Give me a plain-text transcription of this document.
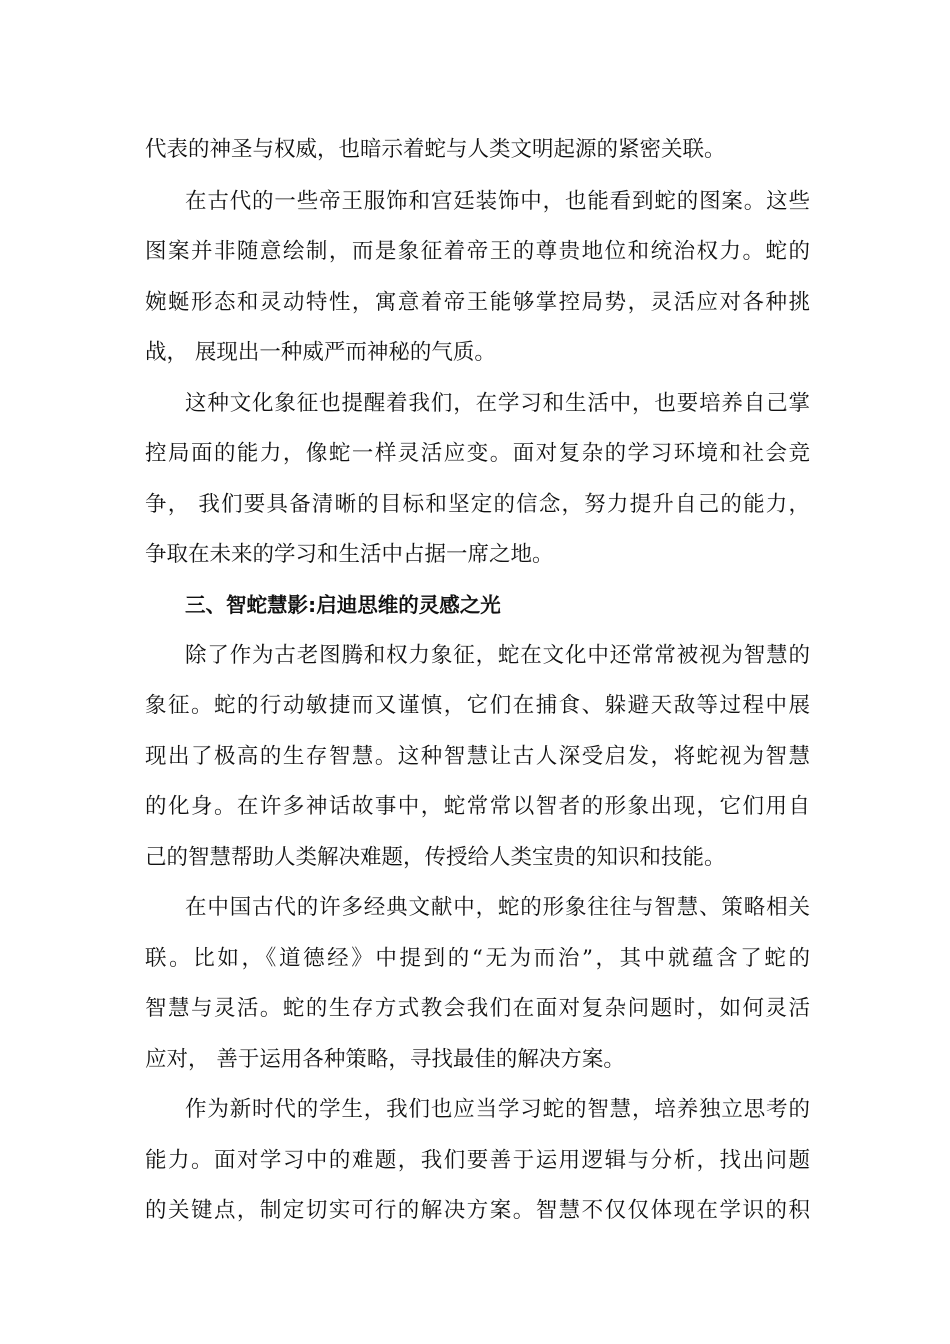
代表的神圣与权威，也暗示着蛇与人类文明起源的紧密关联。
在古代的一些帝王服饰和宫廷装饰中，也能看到蛇的图案。这些
图案并非随意绘制，而是象征着帝王的尊贵地位和统治权力。蛇的
婉蜒形态和灵动特性，寓意着帝王能够掌控局势，灵活应对各种挑
战， 展现出一种威严而神秘的气质。
这种文化象征也提醒着我们，在学习和生活中，也要培养自己掌
控局面的能力，像蛇一样灵活应变。面对复杂的学习环境和社会竞
争， 我们要具备清晰的目标和坚定的信念，努力提升自己的能力，
争取在未来的学习和生活中占据一席之地。
三、智蛇慧影:启迪思维的灵感之光
除了作为古老图腾和权力象征，蛇在文化中还常常被视为智慧的
象征。蛇的行动敏捷而又谨慎，它们在捕食、躲避天敌等过程中展
现出了极高的生存智慧。这种智慧让古人深受启发，将蛇视为智慧
的化身。在许多神话故事中，蛇常常以智者的形象出现，它们用自
己的智慧帮助人类解决难题，传授给人类宝贵的知识和技能。
在中国古代的许多经典文献中，蛇的形象往往与智慧、策略相关
联。比如，《道德经》中提到的“无为而治”，其中就蕴含了蛇的
智慧与灵活。蛇的生存方式教会我们在面对复杂问题时，如何灵活
应对， 善于运用各种策略，寻找最佳的解决方案。
作为新时代的学生，我们也应当学习蛇的智慧，培养独立思考的
能力。面对学习中的难题，我们要善于运用逻辑与分析，找出问题
的关键点，制定切实可行的解决方案。智慧不仅仅体现在学识的积
